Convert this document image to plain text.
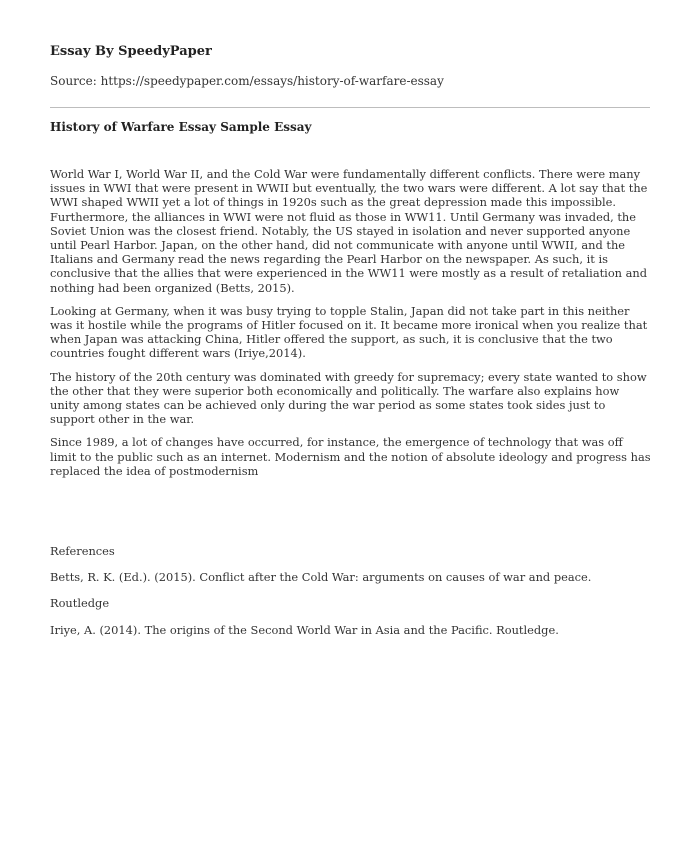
Essay By SpeedyPaper
Source: https://speedypaper.com/essays/history-of-warfare-essay
History of Warfare Essay Sample Essay

World War I, World War II, and the Cold War were fundamentally different conflicts. There were many issues in WWI that were present in WWII but eventually, the two wars were different. A lot say that the WWI shaped WWII yet a lot of things in 1920s such as the great depression made this impossible. Furthermore, the alliances in WWI were not fluid as those in WW11. Until Germany was invaded, the Soviet Union was the closest friend. Notably, the US stayed in isolation and never supported anyone until Pearl Harbor. Japan, on the other hand, did not communicate with anyone until WWII, and the Italians and Germany read the news regarding the Pearl Harbor on the newspaper. As such, it is conclusive that the allies that were experienced in the WW11 were mostly as a result of retaliation and nothing had been organized (Betts, 2015).

Looking at Germany, when it was busy trying to topple Stalin, Japan did not take part in this neither was it hostile while the programs of Hitler focused on it. It became more ironical when you realize that when Japan was attacking China, Hitler offered the support, as such, it is conclusive that the two countries fought different wars (Iriye,2014).

The history of the 20th century was dominated with greedy for supremacy; every state wanted to show the other that they were superior both economically and politically. The warfare also explains how unity among states can be achieved only during the war period as some states took sides just to support other in the war.

Since 1989, a lot of changes have occurred, for instance, the emergence of technology that was off limit to the public such as an internet. Modernism and the notion of absolute ideology and progress has replaced the idea of postmodernism

References

Betts, R. K. (Ed.). (2015). Conflict after the Cold War: arguments on causes of war and peace.

Routledge

Iriye, A. (2014). The origins of the Second World War in Asia and the Pacific. Routledge.
